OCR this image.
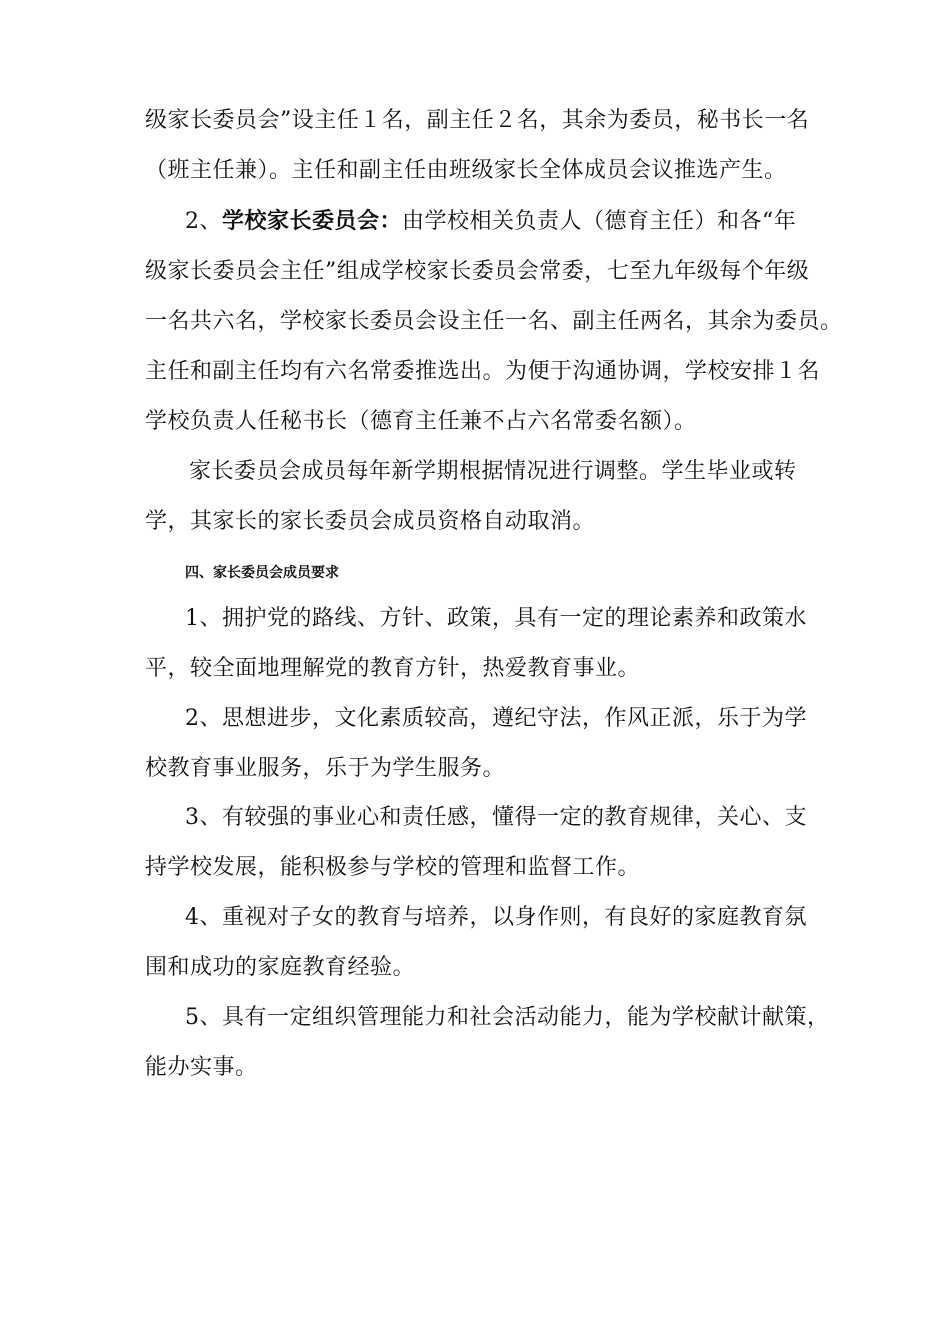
级家长委员会”设主任１名，副主任２名，其余为委员，秘书长一名
（班主任兼）。主任和副主任由班级家长全体成员会议推选产生。
2、学校家长委员会：由学校相关负责人（德育主任）和各“年
级家长委员会主任”组成学校家长委员会常委，七至九年级每个年级
一名共六名，学校家长委员会设主任一名、副主任两名，其余为委员。
主任和副主任均有六名常委推选出。为便于沟通协调，学校安排１名
学校负责人任秘书长（德育主任兼不占六名常委名额）。
家长委员会成员每年新学期根据情况进行调整。学生毕业或转
学，其家长的家长委员会成员资格自动取消。
四、家长委员会成员要求
1、拥护党的路线、方针、政策，具有一定的理论素养和政策水
平，较全面地理解党的教育方针，热爱教育事业。
2、思想进步，文化素质较高，遵纪守法，作风正派，乐于为学
校教育事业服务，乐于为学生服务。
3、有较强的事业心和责任感，懂得一定的教育规律，关心、支
持学校发展，能积极参与学校的管理和监督工作。
4、重视对子女的教育与培养，以身作则，有良好的家庭教育氛
围和成功的家庭教育经验。
5、具有一定组织管理能力和社会活动能力，能为学校献计献策，
能办实事。
